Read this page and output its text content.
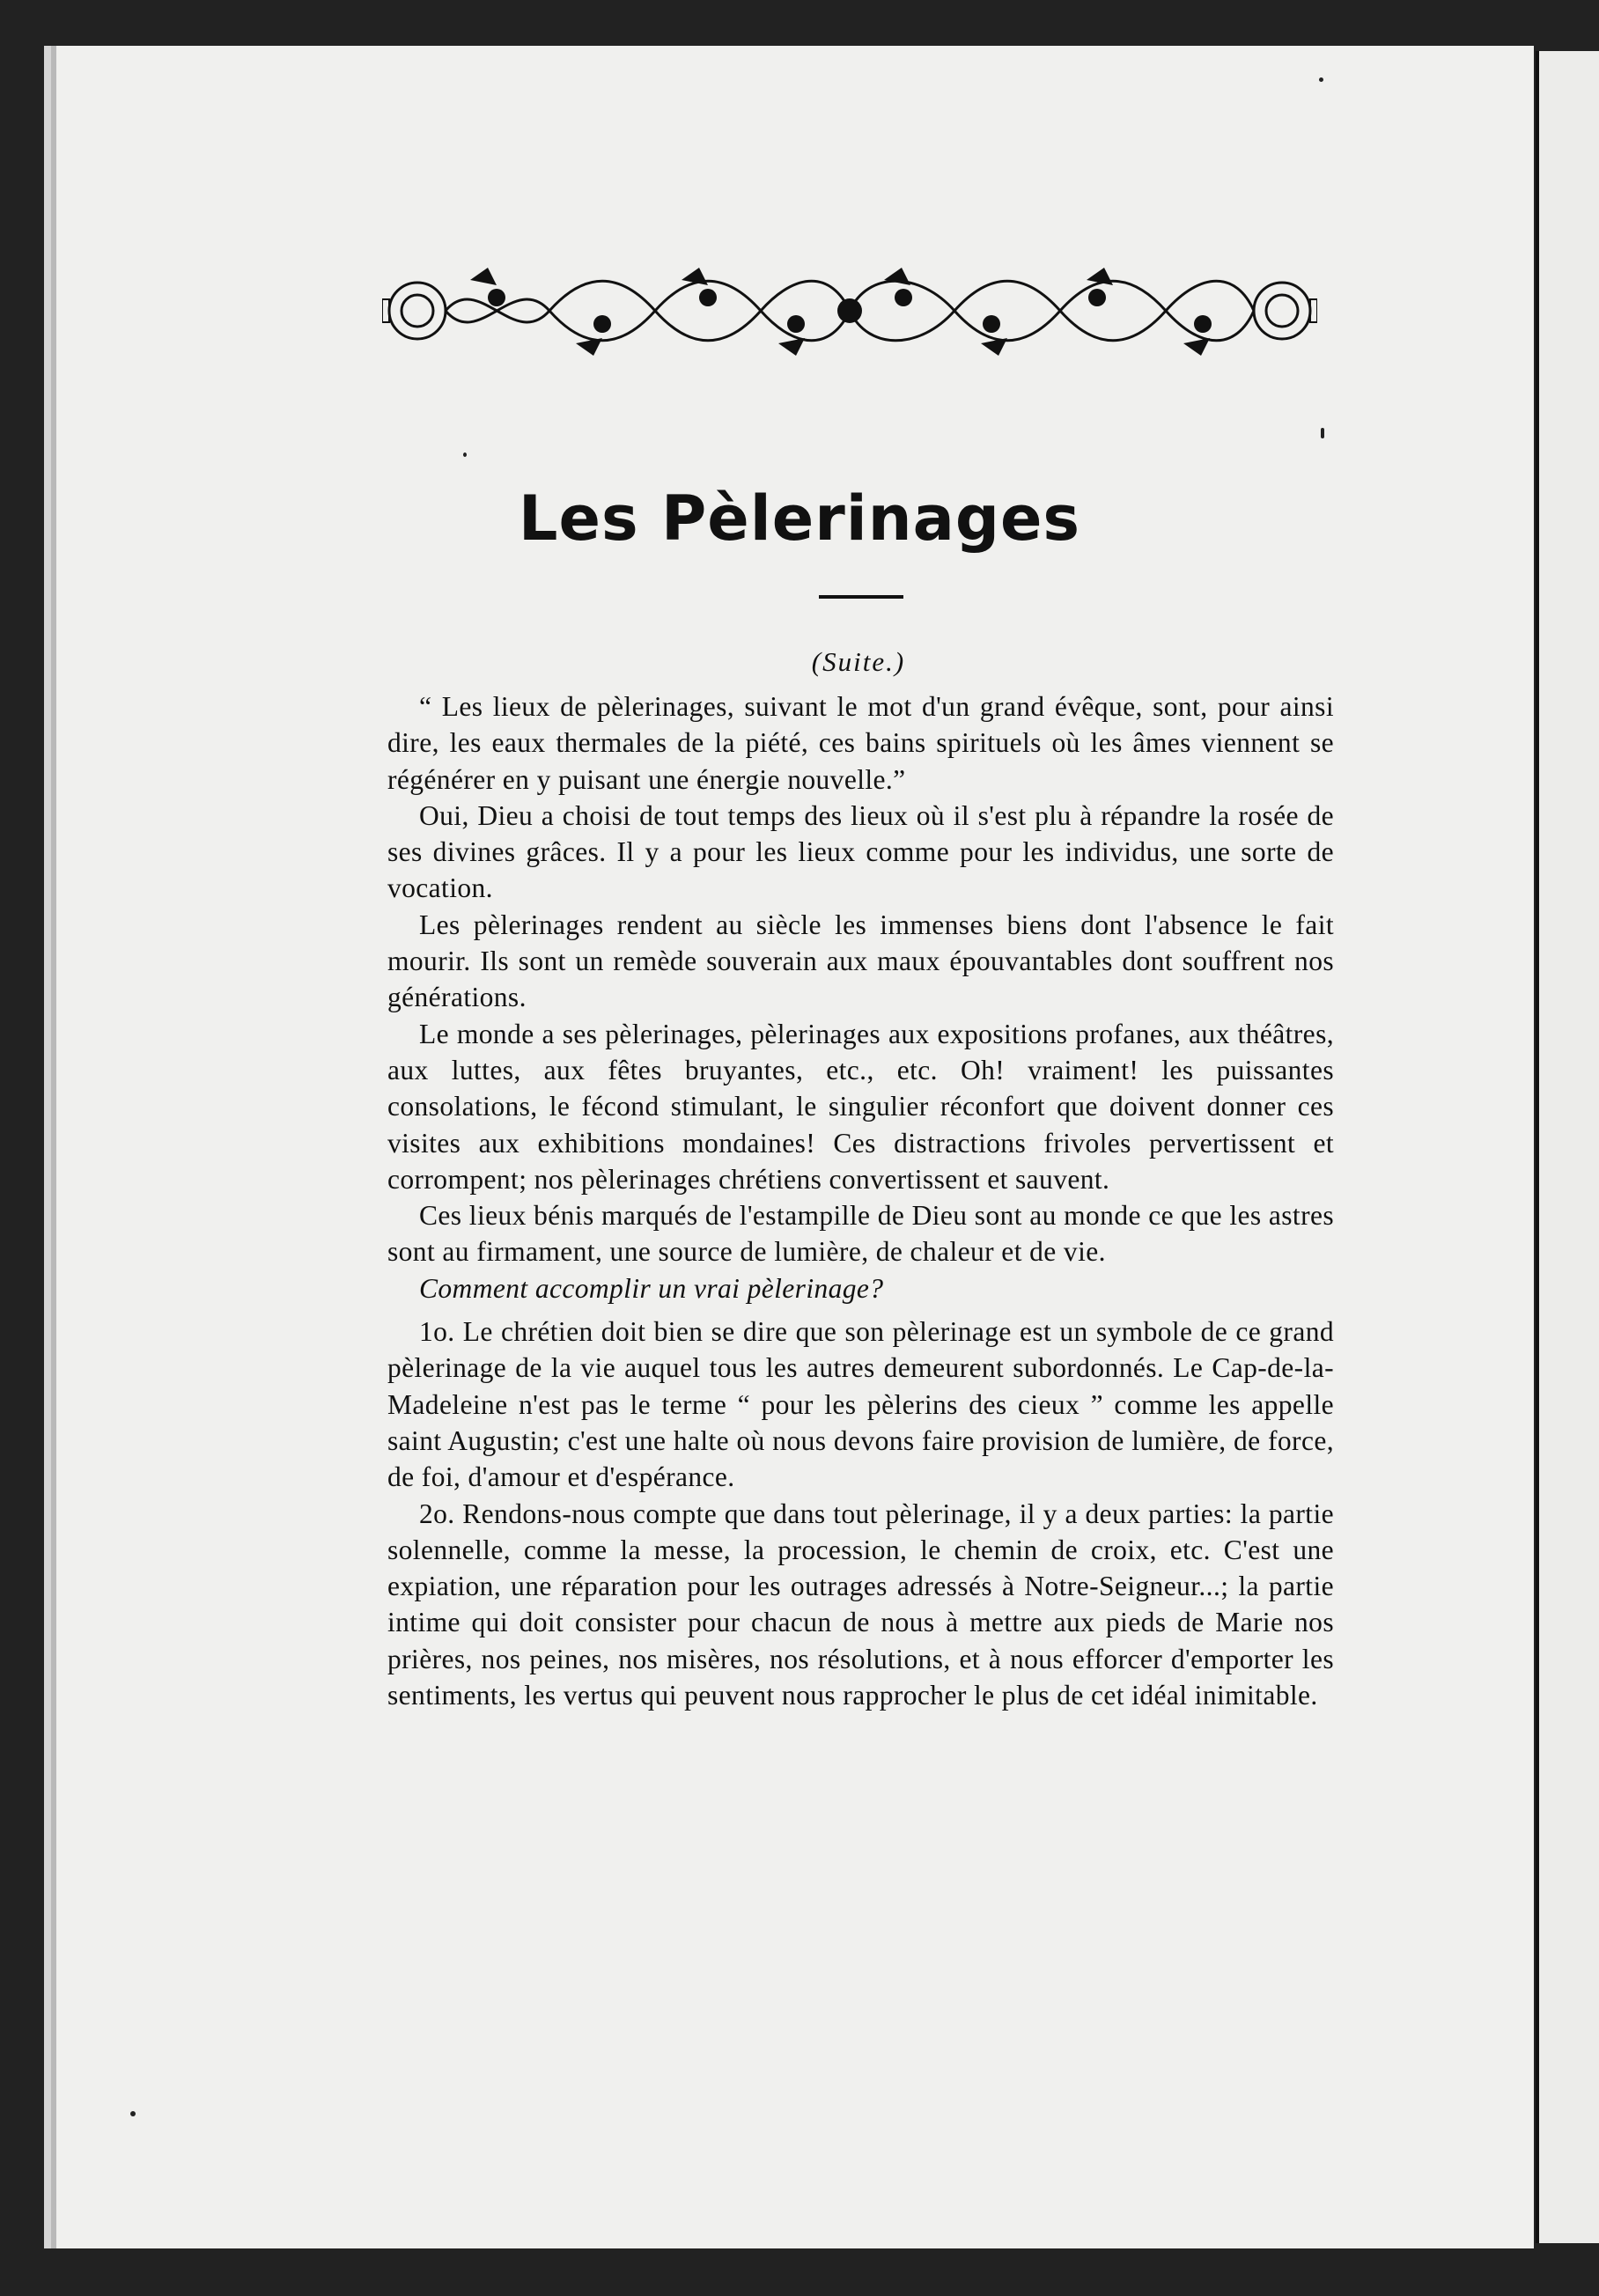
Les Pèlerinages
(Suite.)

“ Les lieux de pèlerinages, suivant le mot d'un grand évêque, sont, pour ainsi dire, les eaux thermales de la piété, ces bains spirituels où les âmes viennent se régénérer en y puisant une énergie nouvelle.”

Oui, Dieu a choisi de tout temps des lieux où il s'est plu à répandre la rosée de ses divines grâces. Il y a pour les lieux comme pour les individus, une sorte de vocation.

Les pèlerinages rendent au siècle les immenses biens dont l'absence le fait mourir. Ils sont un remède souverain aux maux épouvantables dont souffrent nos générations.

Le monde a ses pèlerinages, pèlerinages aux expositions profanes, aux théâtres, aux luttes, aux fêtes bruyantes, etc., etc. Oh! vraiment! les puissantes consolations, le fécond stimulant, le singulier réconfort que doivent donner ces visites aux exhibitions mondaines! Ces distractions frivoles pervertissent et corrompent; nos pèlerinages chrétiens convertissent et sauvent.

Ces lieux bénis marqués de l'estampille de Dieu sont au monde ce que les astres sont au firmament, une source de lumière, de chaleur et de vie.

Comment accomplir un vrai pèlerinage?

1o. Le chrétien doit bien se dire que son pèlerinage est un symbole de ce grand pèlerinage de la vie auquel tous les autres demeurent subordonnés. Le Cap-de-la-Madeleine n'est pas le terme “ pour les pèlerins des cieux ” comme les appelle saint Augustin; c'est une halte où nous devons faire provision de lumière, de force, de foi, d'amour et d'espérance.

2o. Rendons-nous compte que dans tout pèlerinage, il y a deux parties: la partie solennelle, comme la messe, la procession, le chemin de croix, etc. C'est une expiation, une réparation pour les outrages adressés à Notre-Seigneur...; la partie intime qui doit consister pour chacun de nous à mettre aux pieds de Marie nos prières, nos peines, nos misères, nos résolutions, et à nous efforcer d'emporter les sentiments, les vertus qui peuvent nous rapprocher le plus de cet idéal inimitable.
